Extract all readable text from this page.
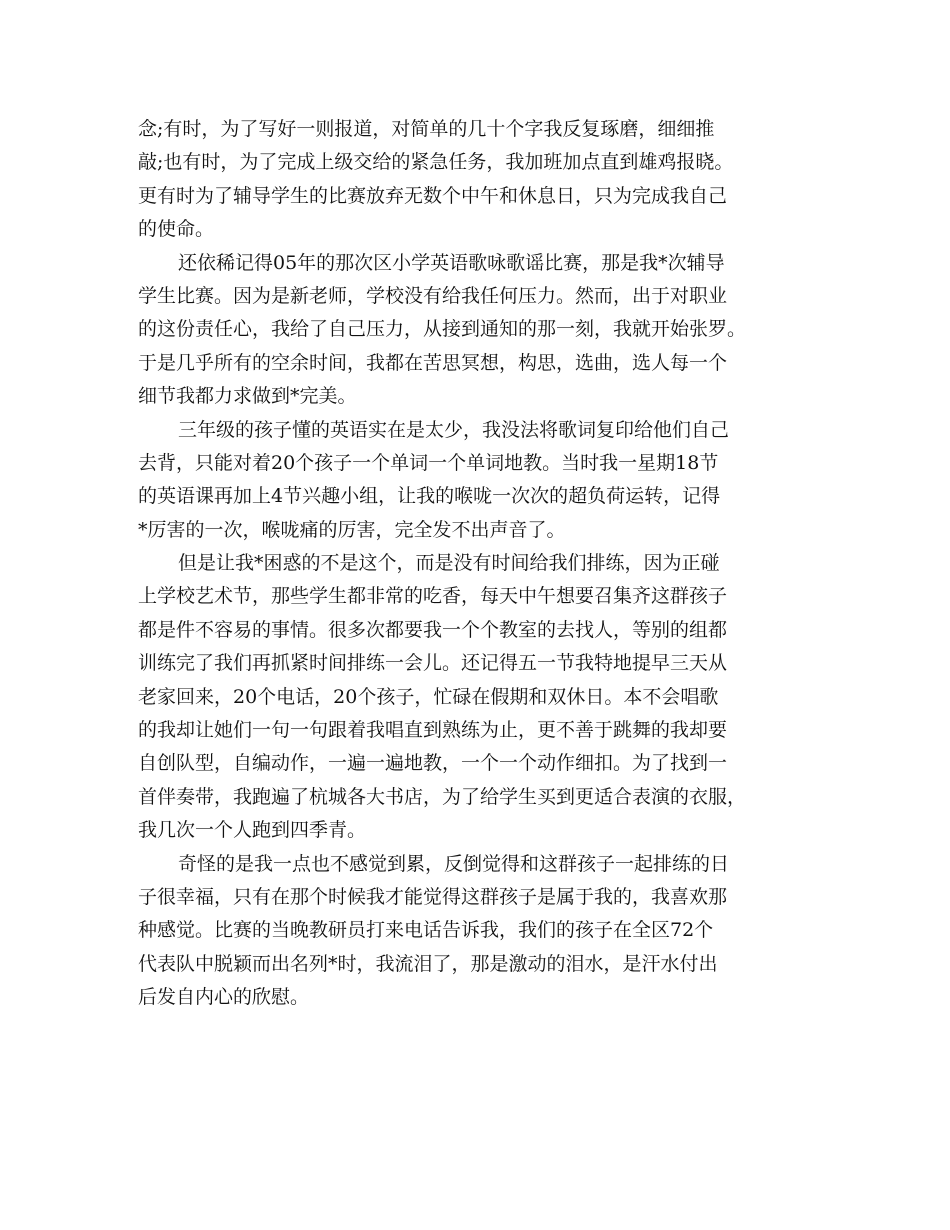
念;有时，为了写好一则报道，对简单的几十个字我反复琢磨，细细推
敲;也有时，为了完成上级交给的紧急任务，我加班加点直到雄鸡报晓。
更有时为了辅导学生的比赛放弃无数个中午和休息日，只为完成我自己
的使命。
还依稀记得05年的那次区小学英语歌咏歌谣比赛，那是我*次辅导
学生比赛。因为是新老师，学校没有给我任何压力。然而，出于对职业
的这份责任心，我给了自己压力，从接到通知的那一刻，我就开始张罗。
于是几乎所有的空余时间，我都在苦思冥想，构思，选曲，选人每一个
细节我都力求做到*完美。
三年级的孩子懂的英语实在是太少，我没法将歌词复印给他们自己
去背，只能对着20个孩子一个单词一个单词地教。当时我一星期18节
的英语课再加上4节兴趣小组，让我的喉咙一次次的超负荷运转，记得
*厉害的一次，喉咙痛的厉害，完全发不出声音了。
但是让我*困惑的不是这个，而是没有时间给我们排练，因为正碰
上学校艺术节，那些学生都非常的吃香，每天中午想要召集齐这群孩子
都是件不容易的事情。很多次都要我一个个教室的去找人，等别的组都
训练完了我们再抓紧时间排练一会儿。还记得五一节我特地提早三天从
老家回来，20个电话，20个孩子，忙碌在假期和双休日。本不会唱歌
的我却让她们一句一句跟着我唱直到熟练为止，更不善于跳舞的我却要
自创队型，自编动作，一遍一遍地教，一个一个动作细扣。为了找到一
首伴奏带，我跑遍了杭城各大书店，为了给学生买到更适合表演的衣服，
我几次一个人跑到四季青。
奇怪的是我一点也不感觉到累，反倒觉得和这群孩子一起排练的日
子很幸福，只有在那个时候我才能觉得这群孩子是属于我的，我喜欢那
种感觉。比赛的当晚教研员打来电话告诉我，我们的孩子在全区72个
代表队中脱颖而出名列*时，我流泪了，那是激动的泪水，是汗水付出
后发自内心的欣慰。
